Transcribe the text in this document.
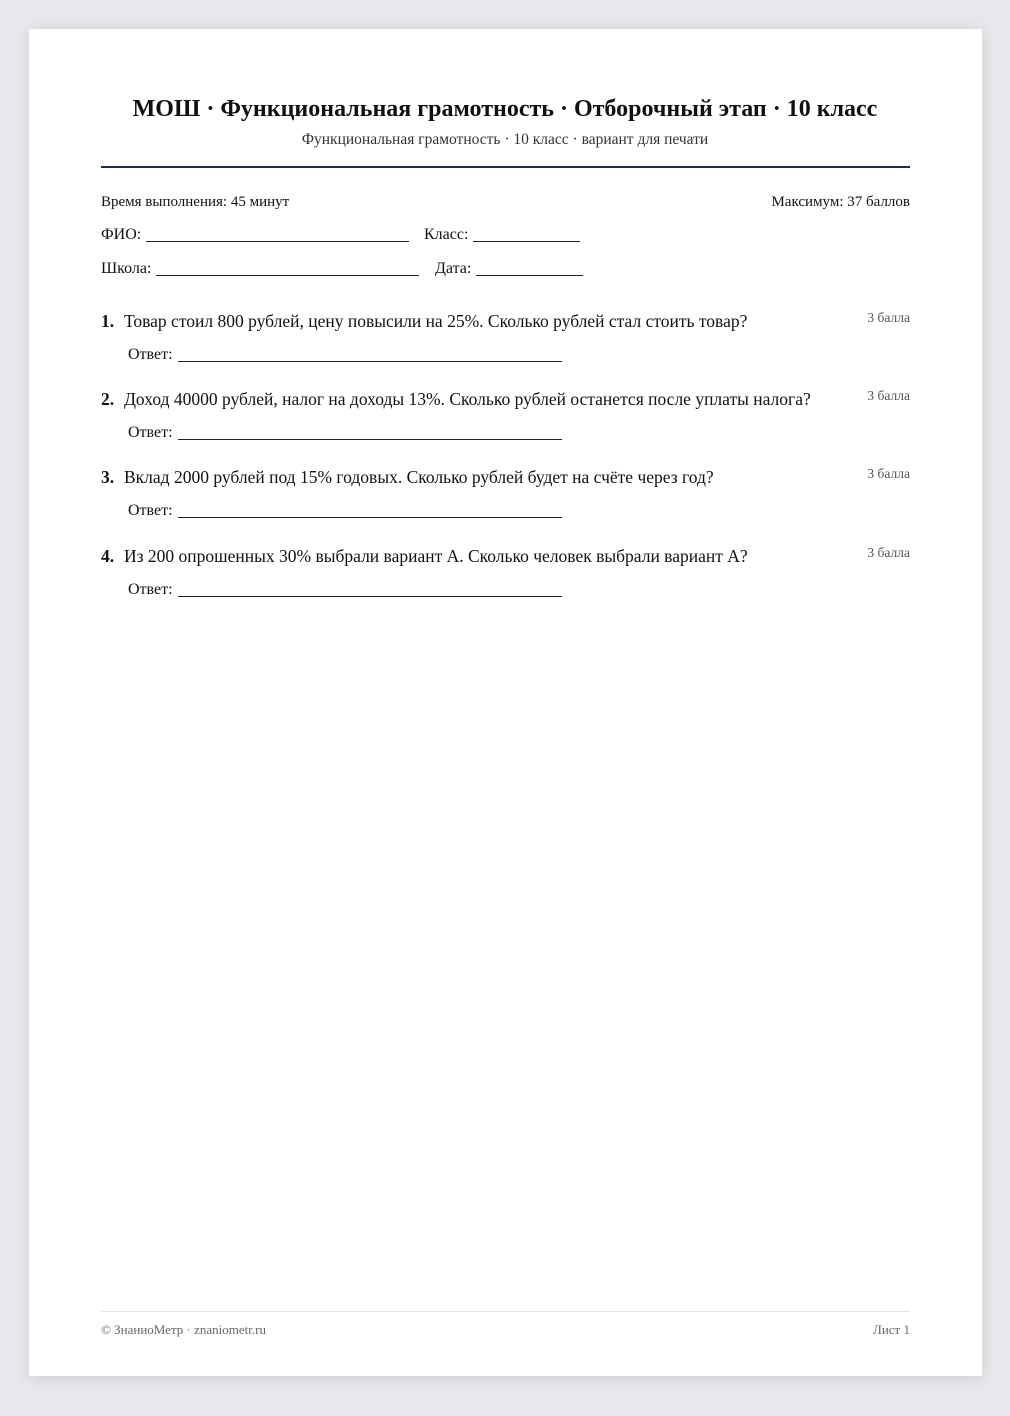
МОШ · Функциональная грамотность · Отборочный этап · 10 класс
Функциональная грамотность · 10 класс · вариант для печати
Время выполнения: 45 минут	Максимум: 37 баллов
ФИО:	Класс:
Школа:	Дата:
1. Товар стоил 800 рублей, цену повысили на 25%. Сколько рублей стал стоить товар?	3 балла
Ответ:
2. Доход 40000 рублей, налог на доходы 13%. Сколько рублей останется после уплаты налога?	3 балла
Ответ:
3. Вклад 2000 рублей под 15% годовых. Сколько рублей будет на счёте через год?	3 балла
Ответ:
4. Из 200 опрошенных 30% выбрали вариант А. Сколько человек выбрали вариант А?	3 балла
Ответ:
© ЗнаниоМетр · znaniometr.ru	Лист 1
